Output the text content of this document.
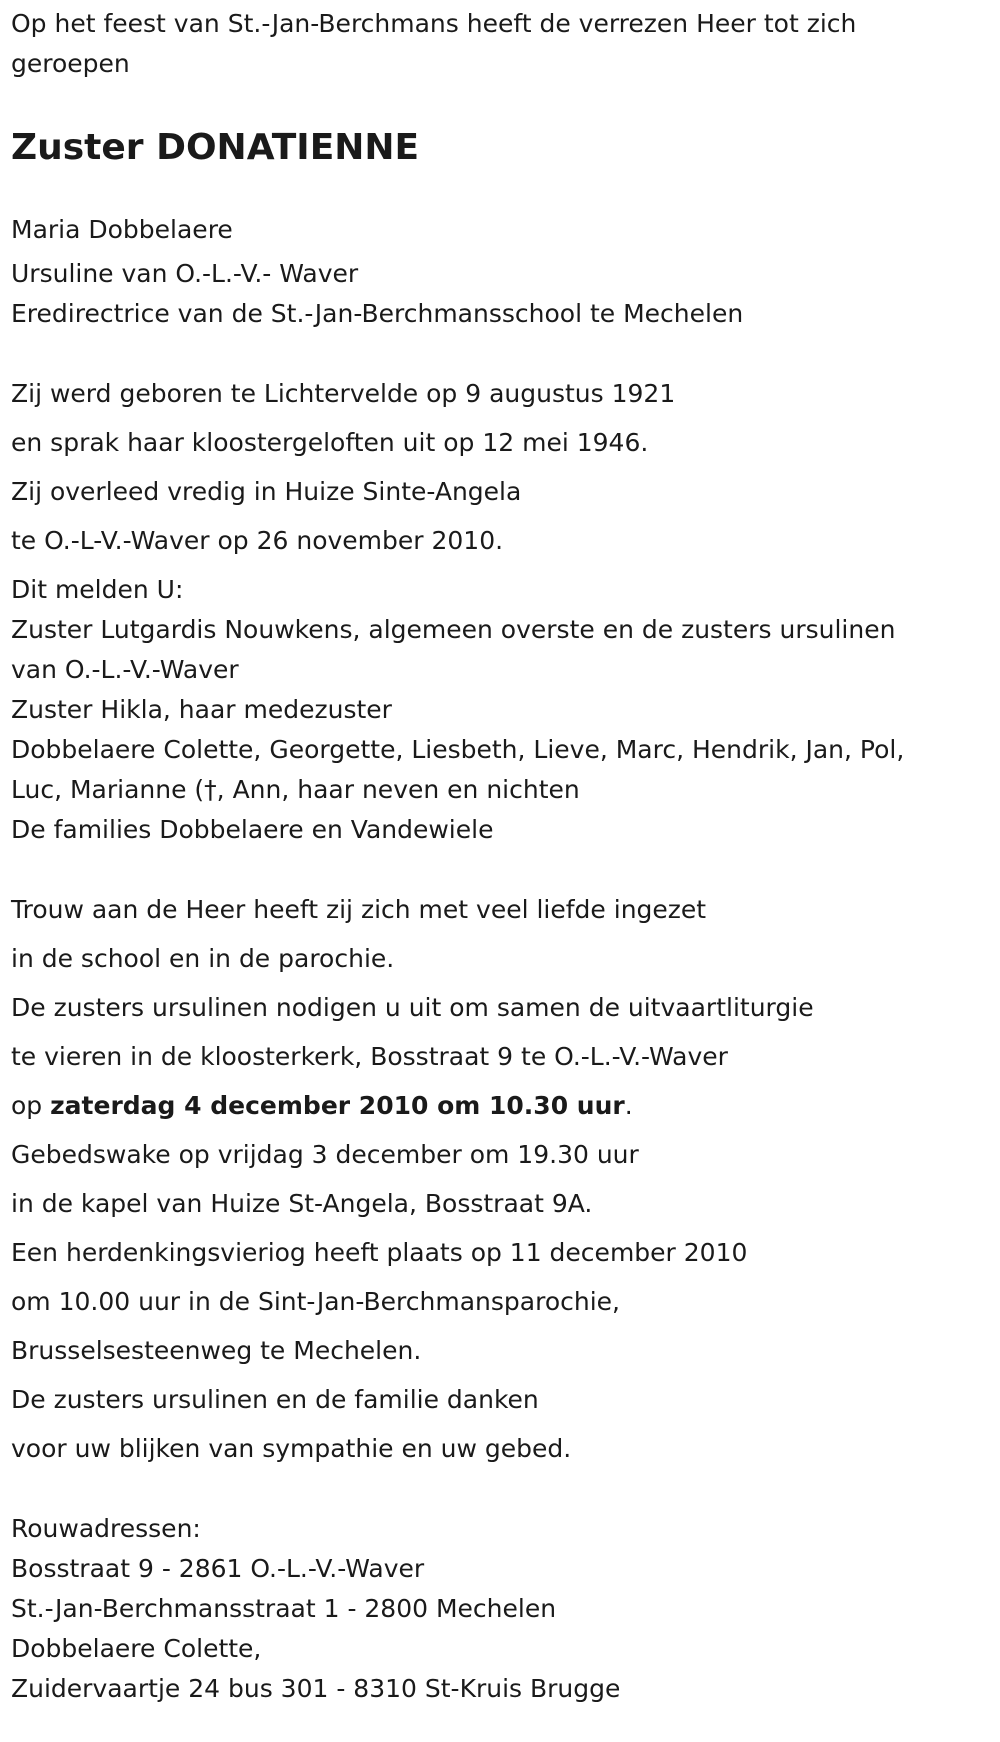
Op het feest van St.-Jan-Berchmans heeft de verrezen Heer tot zich
geroepen
Zuster DONATIENNE
Maria Dobbelaere
Ursuline van O.-L.-V.- Waver
Eredirectrice van de St.-Jan-Berchmansschool te Mechelen
Zij werd geboren te Lichtervelde op 9 augustus 1921
en sprak haar kloostergeloften uit op 12 mei 1946.
Zij overleed vredig in Huize Sinte-Angela
te O.-L-V.-Waver op 26 november 2010.
Dit melden U:
Zuster Lutgardis Nouwkens, algemeen overste en de zusters ursulinen
van O.-L.-V.-Waver
Zuster Hikla, haar medezuster
Dobbelaere Colette, Georgette, Liesbeth, Lieve, Marc, Hendrik, Jan, Pol,
Luc, Marianne (†, Ann, haar neven en nichten
De families Dobbelaere en Vandewiele
Trouw aan de Heer heeft zij zich met veel liefde ingezet
in de school en in de parochie.
De zusters ursulinen nodigen u uit om samen de uitvaartliturgie
te vieren in de kloosterkerk, Bosstraat 9 te O.-L.-V.-Waver
op zaterdag 4 december 2010 om 10.30 uur.
Gebedswake op vrijdag 3 december om 19.30 uur
in de kapel van Huize St-Angela, Bosstraat 9A.
Een herdenkingsvieriog heeft plaats op 11 december 2010
om 10.00 uur in de Sint-Jan-Berchmansparochie,
Brusselsesteenweg te Mechelen.
De zusters ursulinen en de familie danken
voor uw blijken van sympathie en uw gebed.
Rouwadressen:
Bosstraat 9 - 2861 O.-L.-V.-Waver
St.-Jan-Berchmansstraat 1 - 2800 Mechelen
Dobbelaere Colette,
Zuidervaartje 24 bus 301 - 8310 St-Kruis Brugge
